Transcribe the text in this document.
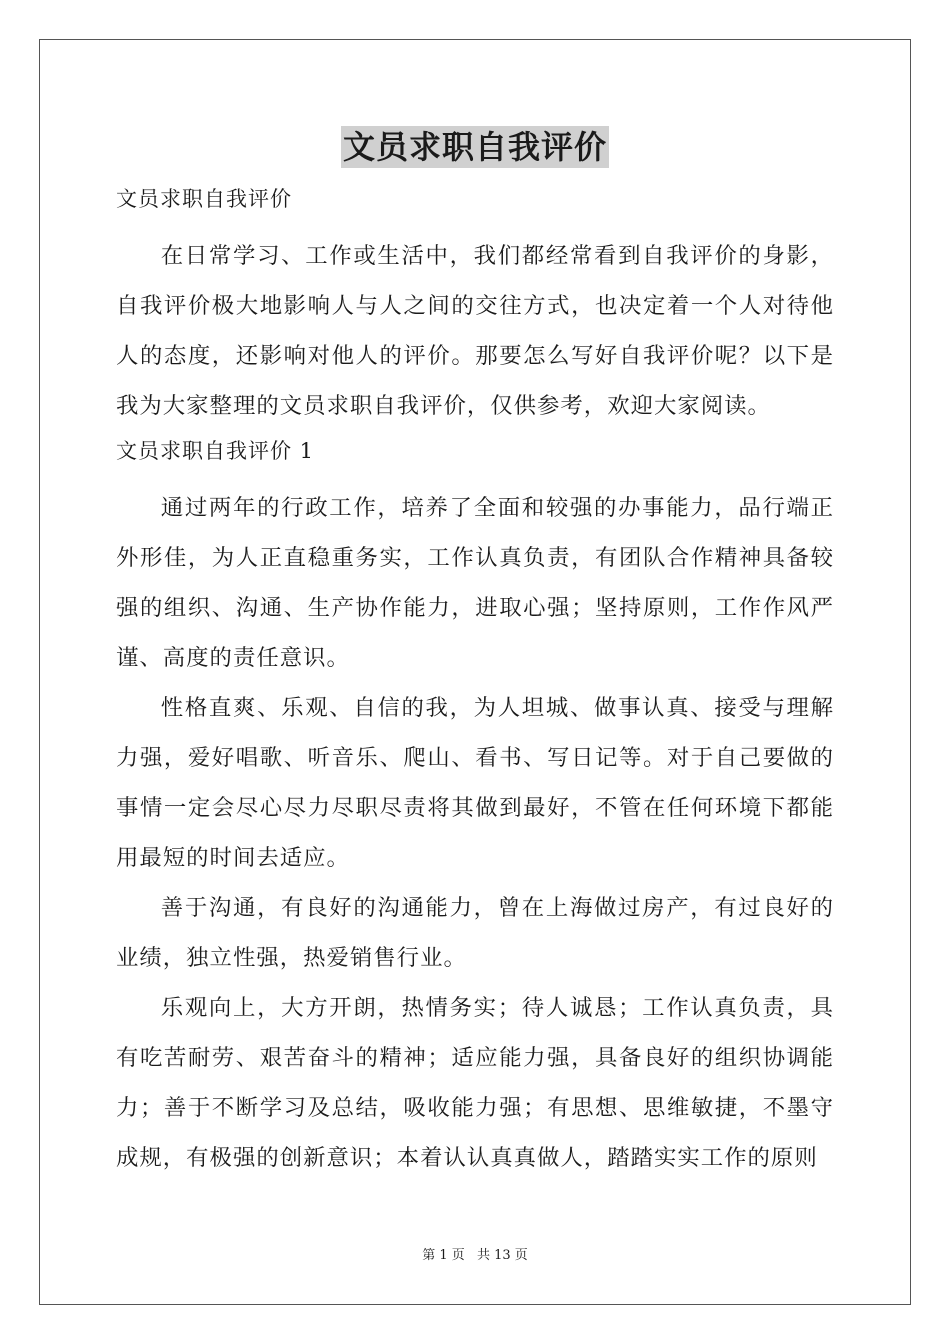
文员求职自我评价

文员求职自我评价

在日常学习、工作或生活中，我们都经常看到自我评价的身影，自我评价极大地影响人与人之间的交往方式，也决定着一个人对待他人的态度，还影响对他人的评价。那要怎么写好自我评价呢？以下是我为大家整理的文员求职自我评价，仅供参考，欢迎大家阅读。

文员求职自我评价 1

通过两年的行政工作，培养了全面和较强的办事能力，品行端正外形佳，为人正直稳重务实，工作认真负责，有团队合作精神具备较强的组织、沟通、生产协作能力，进取心强；坚持原则，工作作风严谨、高度的责任意识。

性格直爽、乐观、自信的我，为人坦城、做事认真、接受与理解力强，爱好唱歌、听音乐、爬山、看书、写日记等。对于自己要做的事情一定会尽心尽力尽职尽责将其做到最好，不管在任何环境下都能用最短的时间去适应。

善于沟通，有良好的沟通能力，曾在上海做过房产，有过良好的业绩，独立性强，热爱销售行业。

乐观向上，大方开朗，热情务实；待人诚恳；工作认真负责，具有吃苦耐劳、艰苦奋斗的精神；适应能力强，具备良好的组织协调能力；善于不断学习及总结，吸收能力强；有思想、思维敏捷，不墨守成规，有极强的创新意识；本着认认真真做人，踏踏实实工作的原则

第 1 页 共 13 页
